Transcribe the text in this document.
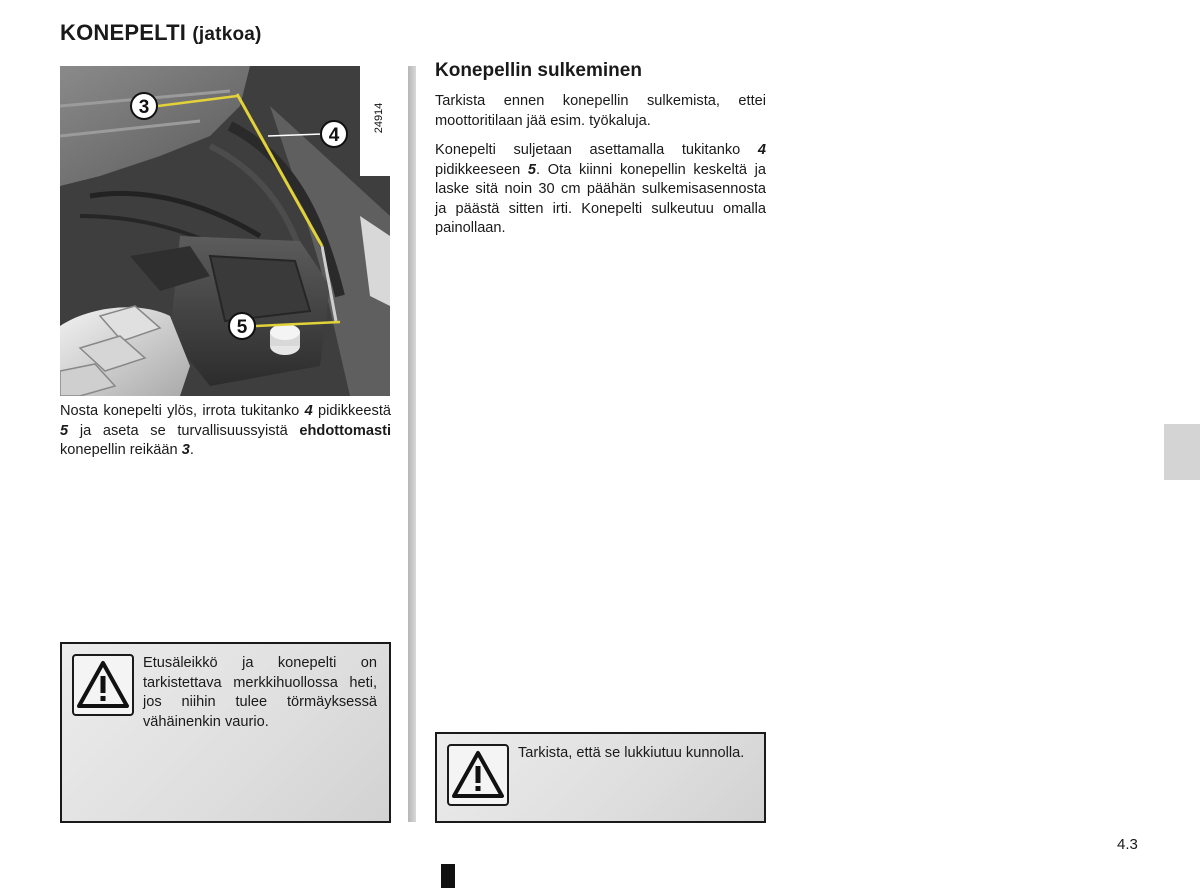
KONEPELTI (jatkoa)
3
4
5
24914
Nosta konepelti ylös, irrota tukitanko 4 pidikkeestä 5 ja aseta se turvallisuussyistä ehdottomasti konepellin reikään 3.
Etusäleikkö ja konepelti on tarkistettava merkkihuollossa heti, jos niihin tulee törmäyksessä vähäinenkin vaurio.
Konepellin sulkeminen

Tarkista ennen konepellin sulkemista, ettei moottoritilaan jää esim. työkaluja.

Konepelti suljetaan asettamalla tukitanko 4 pidikkeeseen 5. Ota kiinni konepellin keskeltä ja laske sitä noin 30 cm päähän sulkemisasennosta ja päästä sitten irti. Konepelti sulkeutuu omalla painollaan.

Tarkista, että se lukkiutuu kunnolla.
4.3
